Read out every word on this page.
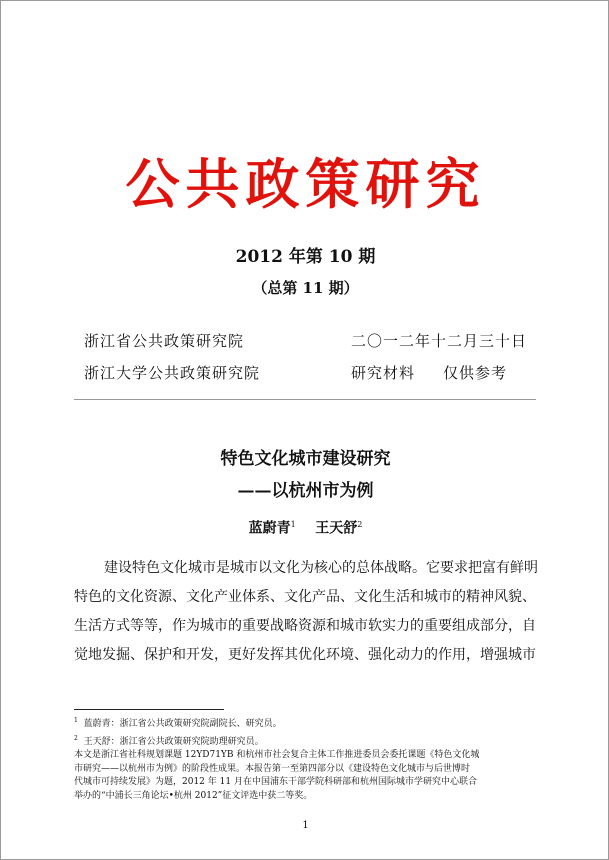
公共政策研究
2012 年第 10 期
（总第 11 期）
浙江省公共政策研究院
浙江大学公共政策研究院
二〇一二年十二月三十日
研究材料 仅供参考
特色文化城市建设研究
——以杭州市为例
蓝蔚青$^1$ 王天舒$^2$
建设特色文化城市是城市以文化为核心的总体战略。它要求把富有鲜明
特色的文化资源、文化产业体系、文化产品、文化生活和城市的精神风貌、
生活方式等等，作为城市的重要战略资源和城市软实力的重要组成部分，自
觉地发掘、保护和开发，更好发挥其优化环境、强化动力的作用，增强城市
$^1$ 蓝蔚青：浙江省公共政策研究院副院长、研究员。
$^2$ 王天舒：浙江省公共政策研究院助理研究员。
本文是浙江省社科规划课题 12YD71YB 和杭州市社会复合主体工作推进委员会委托课题《特色文化城
市研究——以杭州市为例》的阶段性成果。本报告第一至第四部分以《建设特色文化城市与后世博时
代城市可持续发展》为题，2012 年 11 月在中国浦东干部学院科研部和杭州国际城市学研究中心联合
举办的“中浦长三角论坛•杭州 2012”征文评选中获二等奖。
1
